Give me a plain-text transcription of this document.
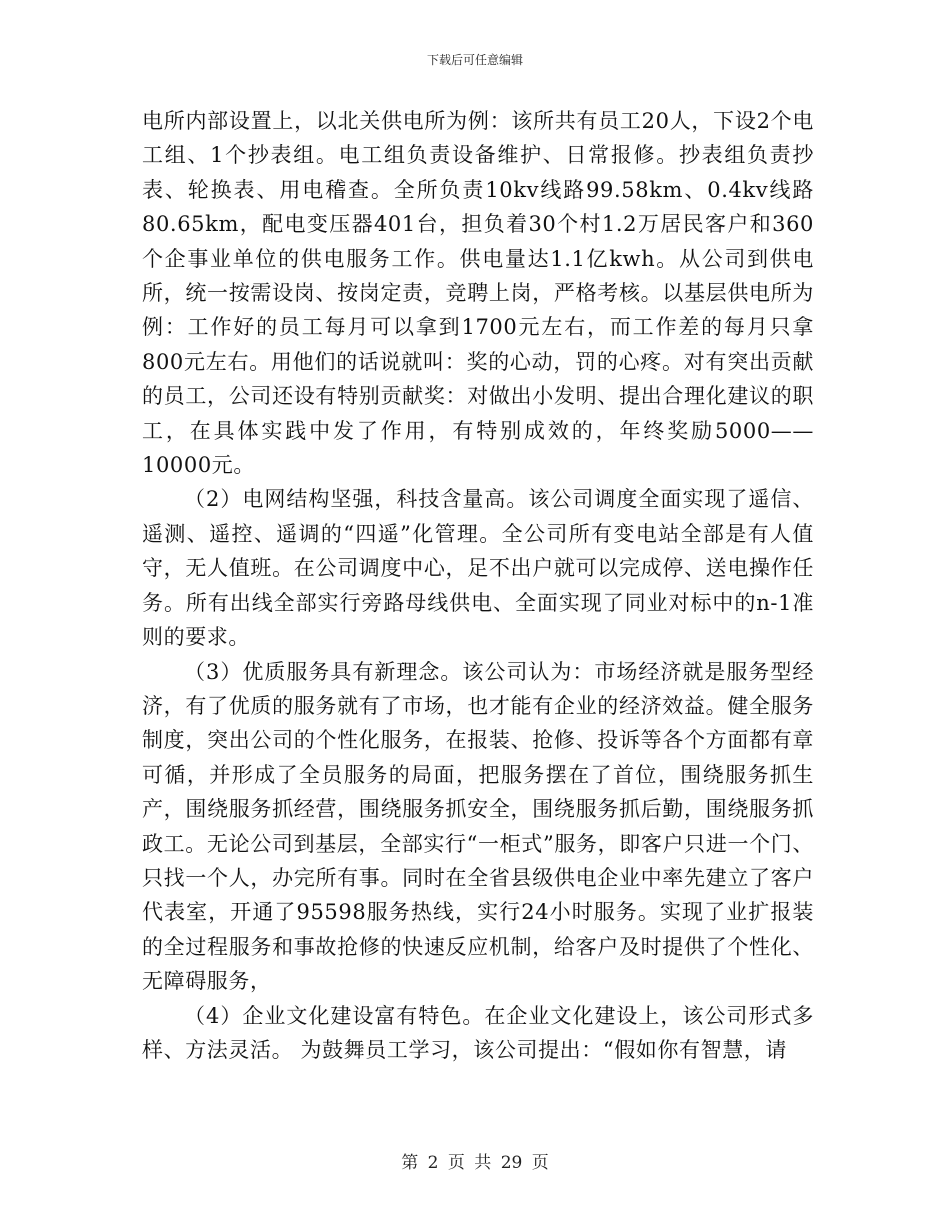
下载后可任意编辑

电所内部设置上，以北关供电所为例：该所共有员工20人，下设2个电工组、1个抄表组。电工组负责设备维护、日常报修。抄表组负责抄表、轮换表、用电稽查。全所负责10kv线路99.58km、0.4kv线路80.65km，配电变压器401台，担负着30个村1.2万居民客户和360个企事业单位的供电服务工作。供电量达1.1亿kwh。从公司到供电所，统一按需设岗、按岗定责，竞聘上岗，严格考核。以基层供电所为例：工作好的员工每月可以拿到1700元左右，而工作差的每月只拿800元左右。用他们的话说就叫：奖的心动，罚的心疼。对有突出贡献的员工，公司还设有特别贡献奖：对做出小发明、提出合理化建议的职工，在具体实践中发了作用，有特别成效的，年终奖励5000——10000元。

（2）电网结构坚强，科技含量高。该公司调度全面实现了遥信、遥测、遥控、遥调的“四遥”化管理。全公司所有变电站全部是有人值守，无人值班。在公司调度中心，足不出户就可以完成停、送电操作任务。所有出线全部实行旁路母线供电、全面实现了同业对标中的n-1准则的要求。

（3）优质服务具有新理念。该公司认为：市场经济就是服务型经济，有了优质的服务就有了市场，也才能有企业的经济效益。健全服务制度，突出公司的个性化服务，在报装、抢修、投诉等各个方面都有章可循，并形成了全员服务的局面，把服务摆在了首位，围绕服务抓生产，围绕服务抓经营，围绕服务抓安全，围绕服务抓后勤，围绕服务抓政工。无论公司到基层，全部实行“一柜式”服务，即客户只进一个门、只找一个人，办完所有事。同时在全省县级供电企业中率先建立了客户代表室，开通了95598服务热线，实行24小时服务。实现了业扩报装的全过程服务和事故抢修的快速反应机制，给客户及时提供了个性化、无障碍服务，

（4）企业文化建设富有特色。在企业文化建设上，该公司形式多样、方法灵活。 为鼓舞员工学习，该公司提出：“假如你有智慧，请

第 2 页 共 29 页
